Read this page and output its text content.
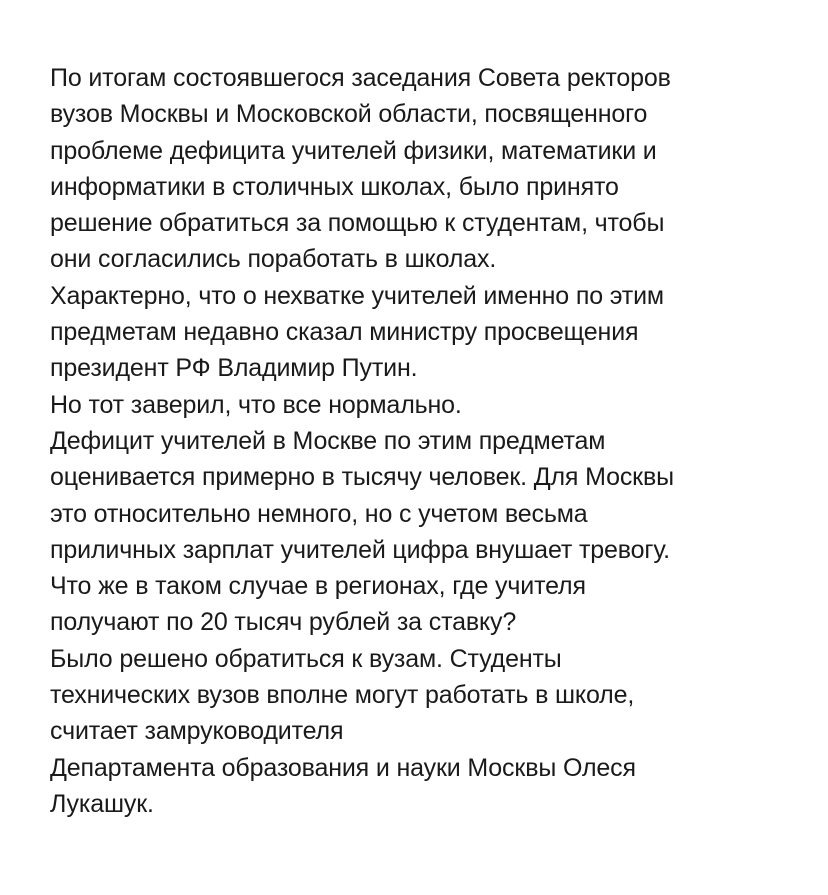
По итогам состоявшегося заседания Совета ректоров
вузов Москвы и Московской области, посвященного
проблеме дефицита учителей физики, математики и
информатики в столичных школах, было принято
решение обратиться за помощью к студентам, чтобы
они согласились поработать в школах.
Характерно, что о нехватке учителей именно по этим
предметам недавно сказал министру просвещения
президент РФ Владимир Путин.
Но тот заверил, что все нормально.
Дефицит учителей в Москве по этим предметам
оценивается примерно в тысячу человек. Для Москвы
это относительно немного, но с учетом весьма
приличных зарплат учителей цифра внушает тревогу.
Что же в таком случае в регионах, где учителя
получают по 20 тысяч рублей за ставку?
Было решено обратиться к вузам. Студенты
технических вузов вполне могут работать в школе,
считает замруководителя
Департамента образования и науки Москвы Олеся
Лукашук.
